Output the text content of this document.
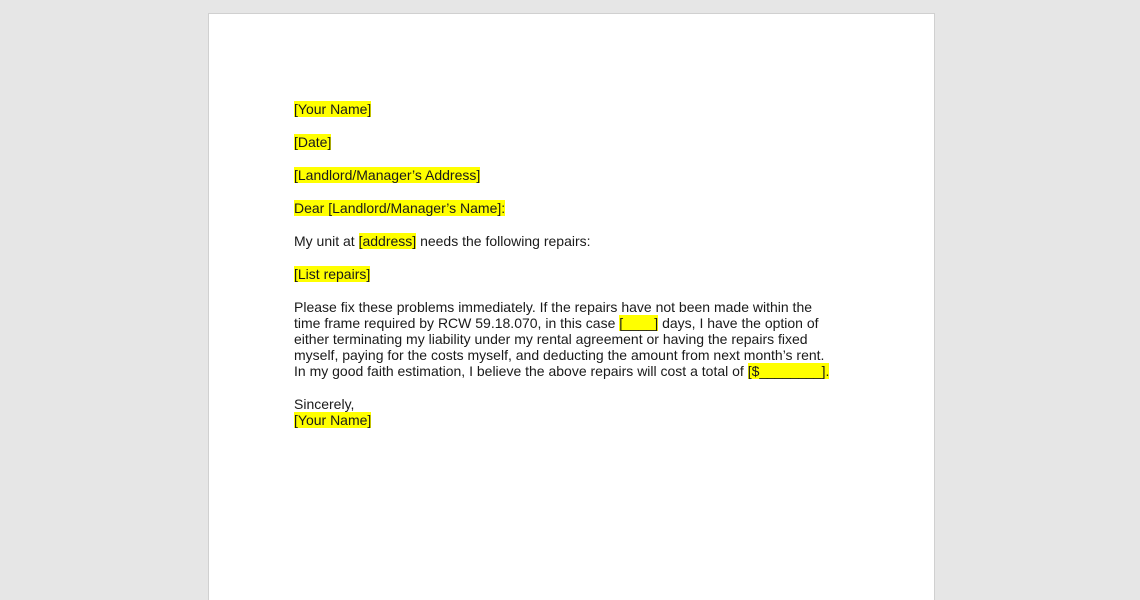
[Your Name]
[Date]
[Landlord/Manager’s Address]
Dear [Landlord/Manager’s Name]:
My unit at [address] needs the following repairs:
[List repairs]
Please fix these problems immediately. If the repairs have not been made within the
time frame required by RCW 59.18.070, in this case [____] days, I have the option of
either terminating my liability under my rental agreement or having the repairs fixed
myself, paying for the costs myself, and deducting the amount from next month’s rent.
In my good faith estimation, I believe the above repairs will cost a total of [$________].
Sincerely,
[Your Name]
